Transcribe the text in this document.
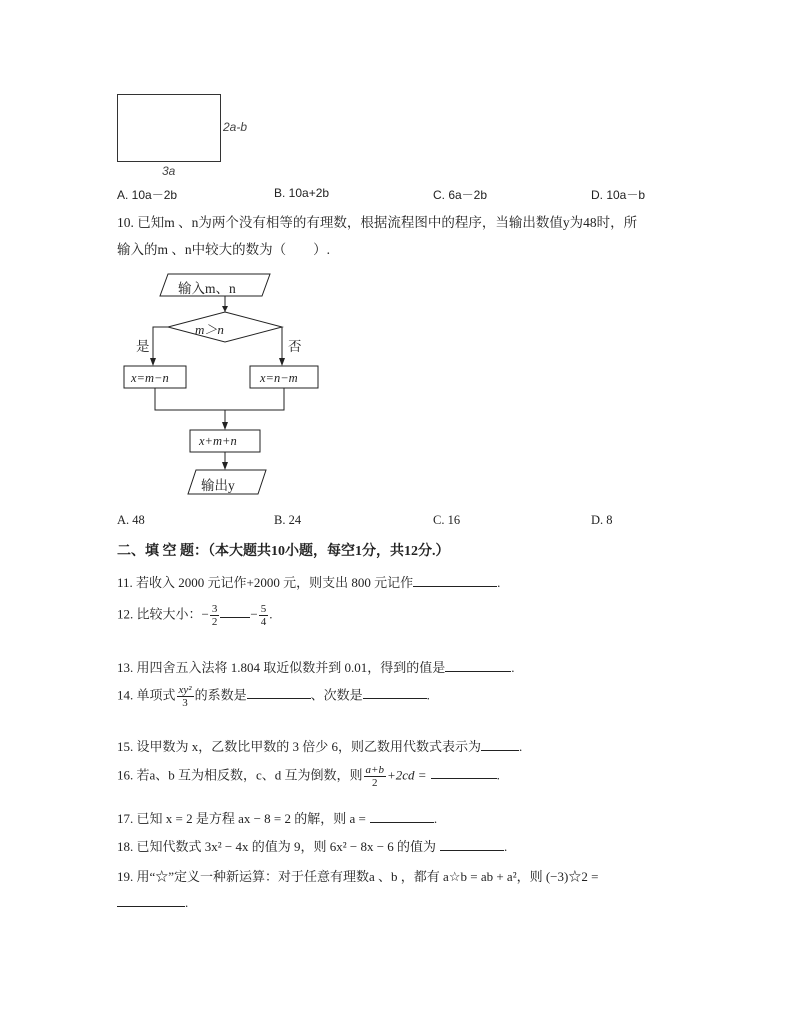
2a-b
3a
A. 10a－2b	B. 10a+2b	C. 6a－2b	D. 10a－b
10. 已知m 、n为两个没有相等的有理数，根据流程图中的程序，当输出数值y为48时，所
输入的m 、n中较大的数为（　　）.
输入m、n
m＞n
是	否
x=m−n	x=n−m
x+m+n
输出y
A. 48	B. 24	C. 16	D. 8
二、填 空 题：（本大题共10小题，每空1分，共12分.）
11. 若收入 2000 元记作+2000 元，则支出 800 元记作	.
12. 比较大小：− $\frac{3}{2} - \frac{5}{4}$ .
13. 用四舍五入法将 1.804 取近似数并到 0.01，得到的值是	.
14. 单项式 $\frac{\text{xy²}}{3}$ 的系数是	、次数是	.
15. 设甲数为 x，乙数比甲数的 3 倍少 6，则乙数用代数式表示为	.
16. 若a、b 互为相反数，c、d 互为倒数，则 $\frac{a+b}{2} +2cd$ =	.
17. 已知 x = 2 是方程 ax − 8 = 2 的解，则 a =	.
18. 已知代数式 3x² − 4x 的值为 9，则 6x² − 8x − 6 的值为	.
19. 用“☆”定义一种新运算：对于任意有理数a 、b ，都有 a☆b = ab + a²，则 (−3)☆2 =
.
